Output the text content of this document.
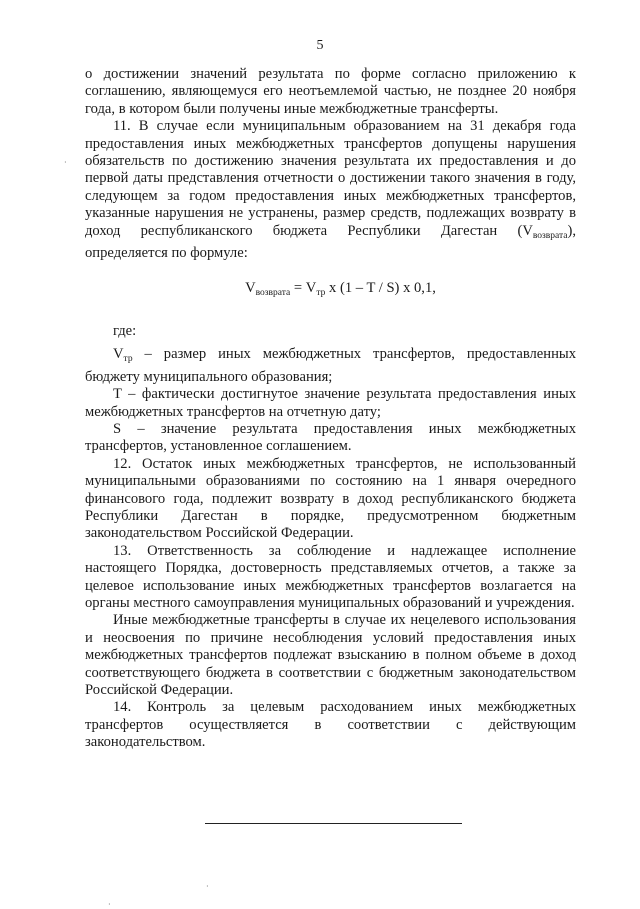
5

о достижении значений результата по форме согласно приложению к соглашению, являющемуся его неотъемлемой частью, не позднее 20 ноября года, в котором были получены иные межбюджетные трансферты.

11. В случае если муниципальным образованием на 31 декабря года предоставления иных межбюджетных трансфертов допущены нарушения обязательств по достижению значения результата их предоставления и до первой даты представления отчетности о достижении такого значения в году, следующем за годом предоставления иных межбюджетных трансфертов, указанные нарушения не устранены, размер средств, подлежащих возврату в доход республиканского бюджета Республики Дагестан $(V_{возврата})$, определяется по формуле:

$V_{возврата} = V_{тр}$ x (1 – T / S) x 0,1,

где:

$V_{тр}$ – размер иных межбюджетных трансфертов, предоставленных бюджету муниципального образования;

T – фактически достигнутое значение результата предоставления иных межбюджетных трансфертов на отчетную дату;

S – значение результата предоставления иных межбюджетных трансфертов, установленное соглашением.

12. Остаток иных межбюджетных трансфертов, не использованный муниципальными образованиями по состоянию на 1 января очередного финансового года, подлежит возврату в доход республиканского бюджета Республики Дагестан в порядке, предусмотренном бюджетным законодательством Российской Федерации.

13. Ответственность за соблюдение и надлежащее исполнение настоящего Порядка, достоверность представляемых отчетов, а также за целевое использование иных межбюджетных трансфертов возлагается на органы местного самоуправления муниципальных образований и учреждения.

Иные межбюджетные трансферты в случае их нецелевого использования и неосвоения по причине несоблюдения условий предоставления иных межбюджетных трансфертов подлежат взысканию в полном объеме в доход соответствующего бюджета в соответствии с бюджетным законодательством Российской Федерации.

14. Контроль за целевым расходованием иных межбюджетных трансфертов осуществляется в соответствии с действующим законодательством.

·
·
·
